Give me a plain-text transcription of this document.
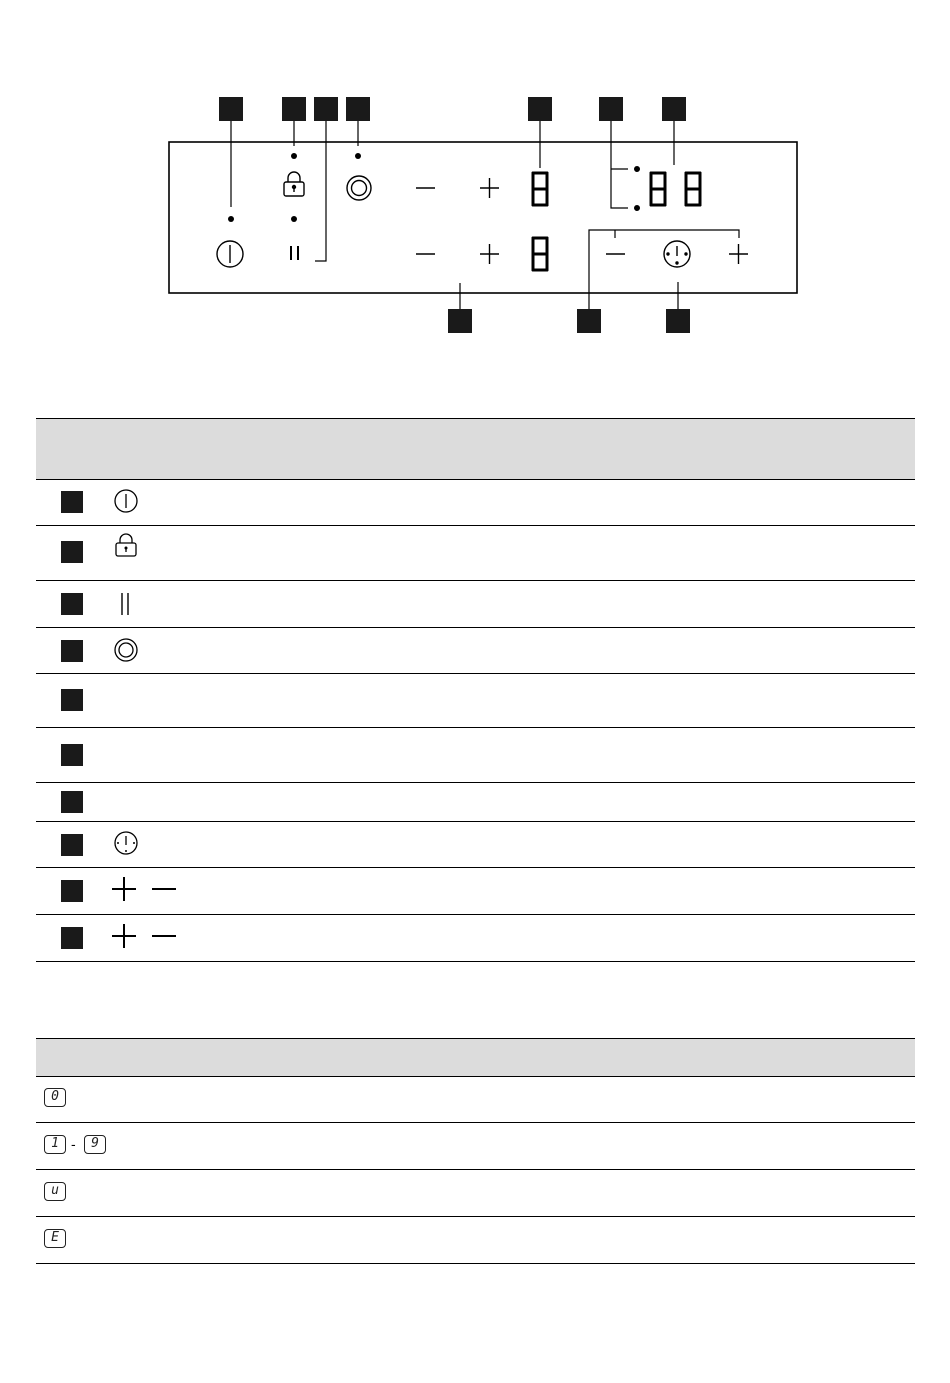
0
1 -	9
u
E
